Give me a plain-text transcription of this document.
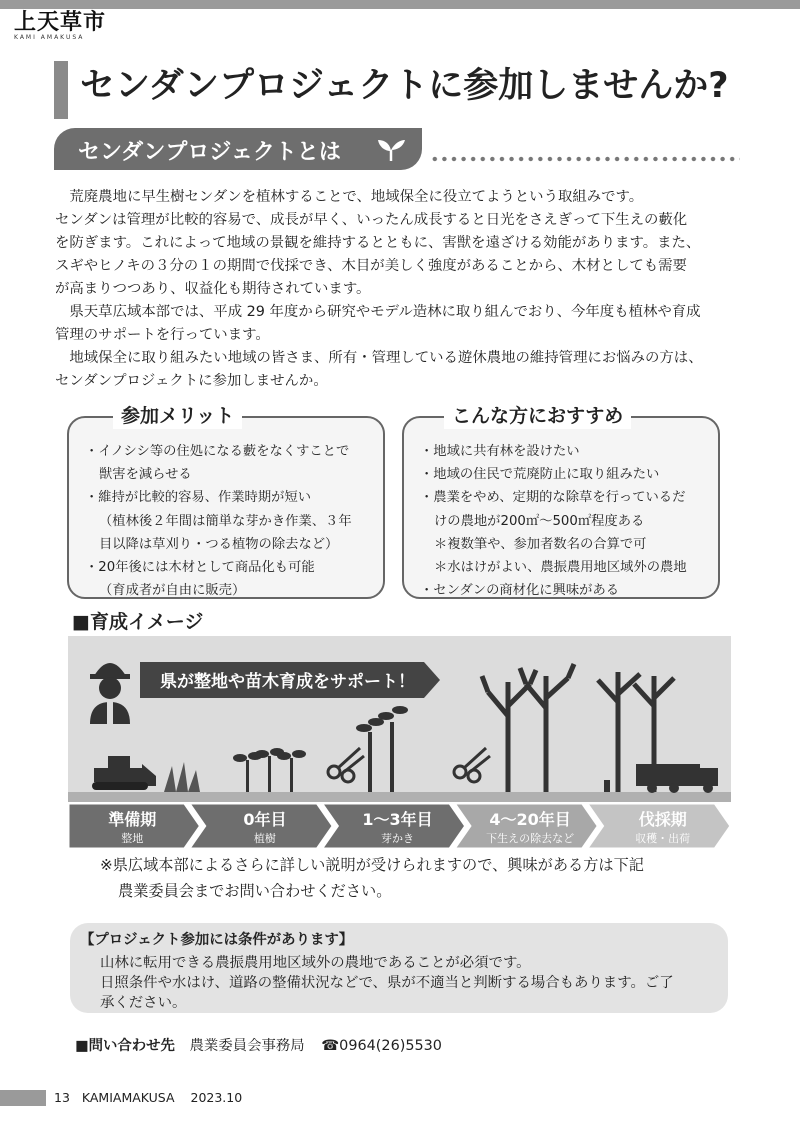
上天草市
KAMI AMAKUSA
センダンプロジェクトに参加しませんか?
センダンプロジェクトとは

荒廃農地に早生樹センダンを植林することで、地域保全に役立てようという取組みです。

センダンは管理が比較的容易で、成長が早く、いったん成長すると日光をさえぎって下生えの藪化

を防ぎます。これによって地域の景観を維持するとともに、害獣を遠ざける効能があります。また、

スギやヒノキの３分の１の期間で伐採でき、木目が美しく強度があることから、木材としても需要

が高まりつつあり、収益化も期待されています。

県天草広域本部では、平成 29 年度から研究やモデル造林に取り組んでおり、今年度も植林や育成

管理のサポートを行っています。

地域保全に取り組みたい地域の皆さま、所有・管理している遊休農地の維持管理にお悩みの方は、

センダンプロジェクトに参加しませんか。

参加メリット
・イノシシ等の住処になる藪をなくすことで
獣害を減らせる
・維持が比較的容易、作業時期が短い
（植林後２年間は簡単な芽かき作業、３年
目以降は草刈り・つる植物の除去など）
・20年後には木材として商品化も可能
（育成者が自由に販売）
こんな方におすすめ
・地域に共有林を設けたい
・地域の住民で荒廃防止に取り組みたい
・農業をやめ、定期的な除草を行っているだ
けの農地が200㎡～500㎡程度ある
＊複数筆や、参加者数名の合算で可
＊水はけがよい、農振農用地区域外の農地
・センダンの商材化に興味がある
■育成イメージ
県が整地や苗木育成をサポート！
準備期
整地
0年目
植樹
1～3年目
芽かき
4～20年目
下生えの除去など
伐採期
収穫・出荷
※県広域本部によるさらに詳しい説明が受けられますので、興味がある方は下記
農業委員会までお問い合わせください。
【プロジェクト参加には条件があります】
山林に転用できる農振農用地区域外の農地であることが必須です。
日照条件や水はけ、道路の整備状況などで、県が不適当と判断する場合もあります。ご了
承ください。
■問い合わせ先 農業委員会事務局 ☎0964(26)5530
13 KAMIAMAKUSA 2023.10
